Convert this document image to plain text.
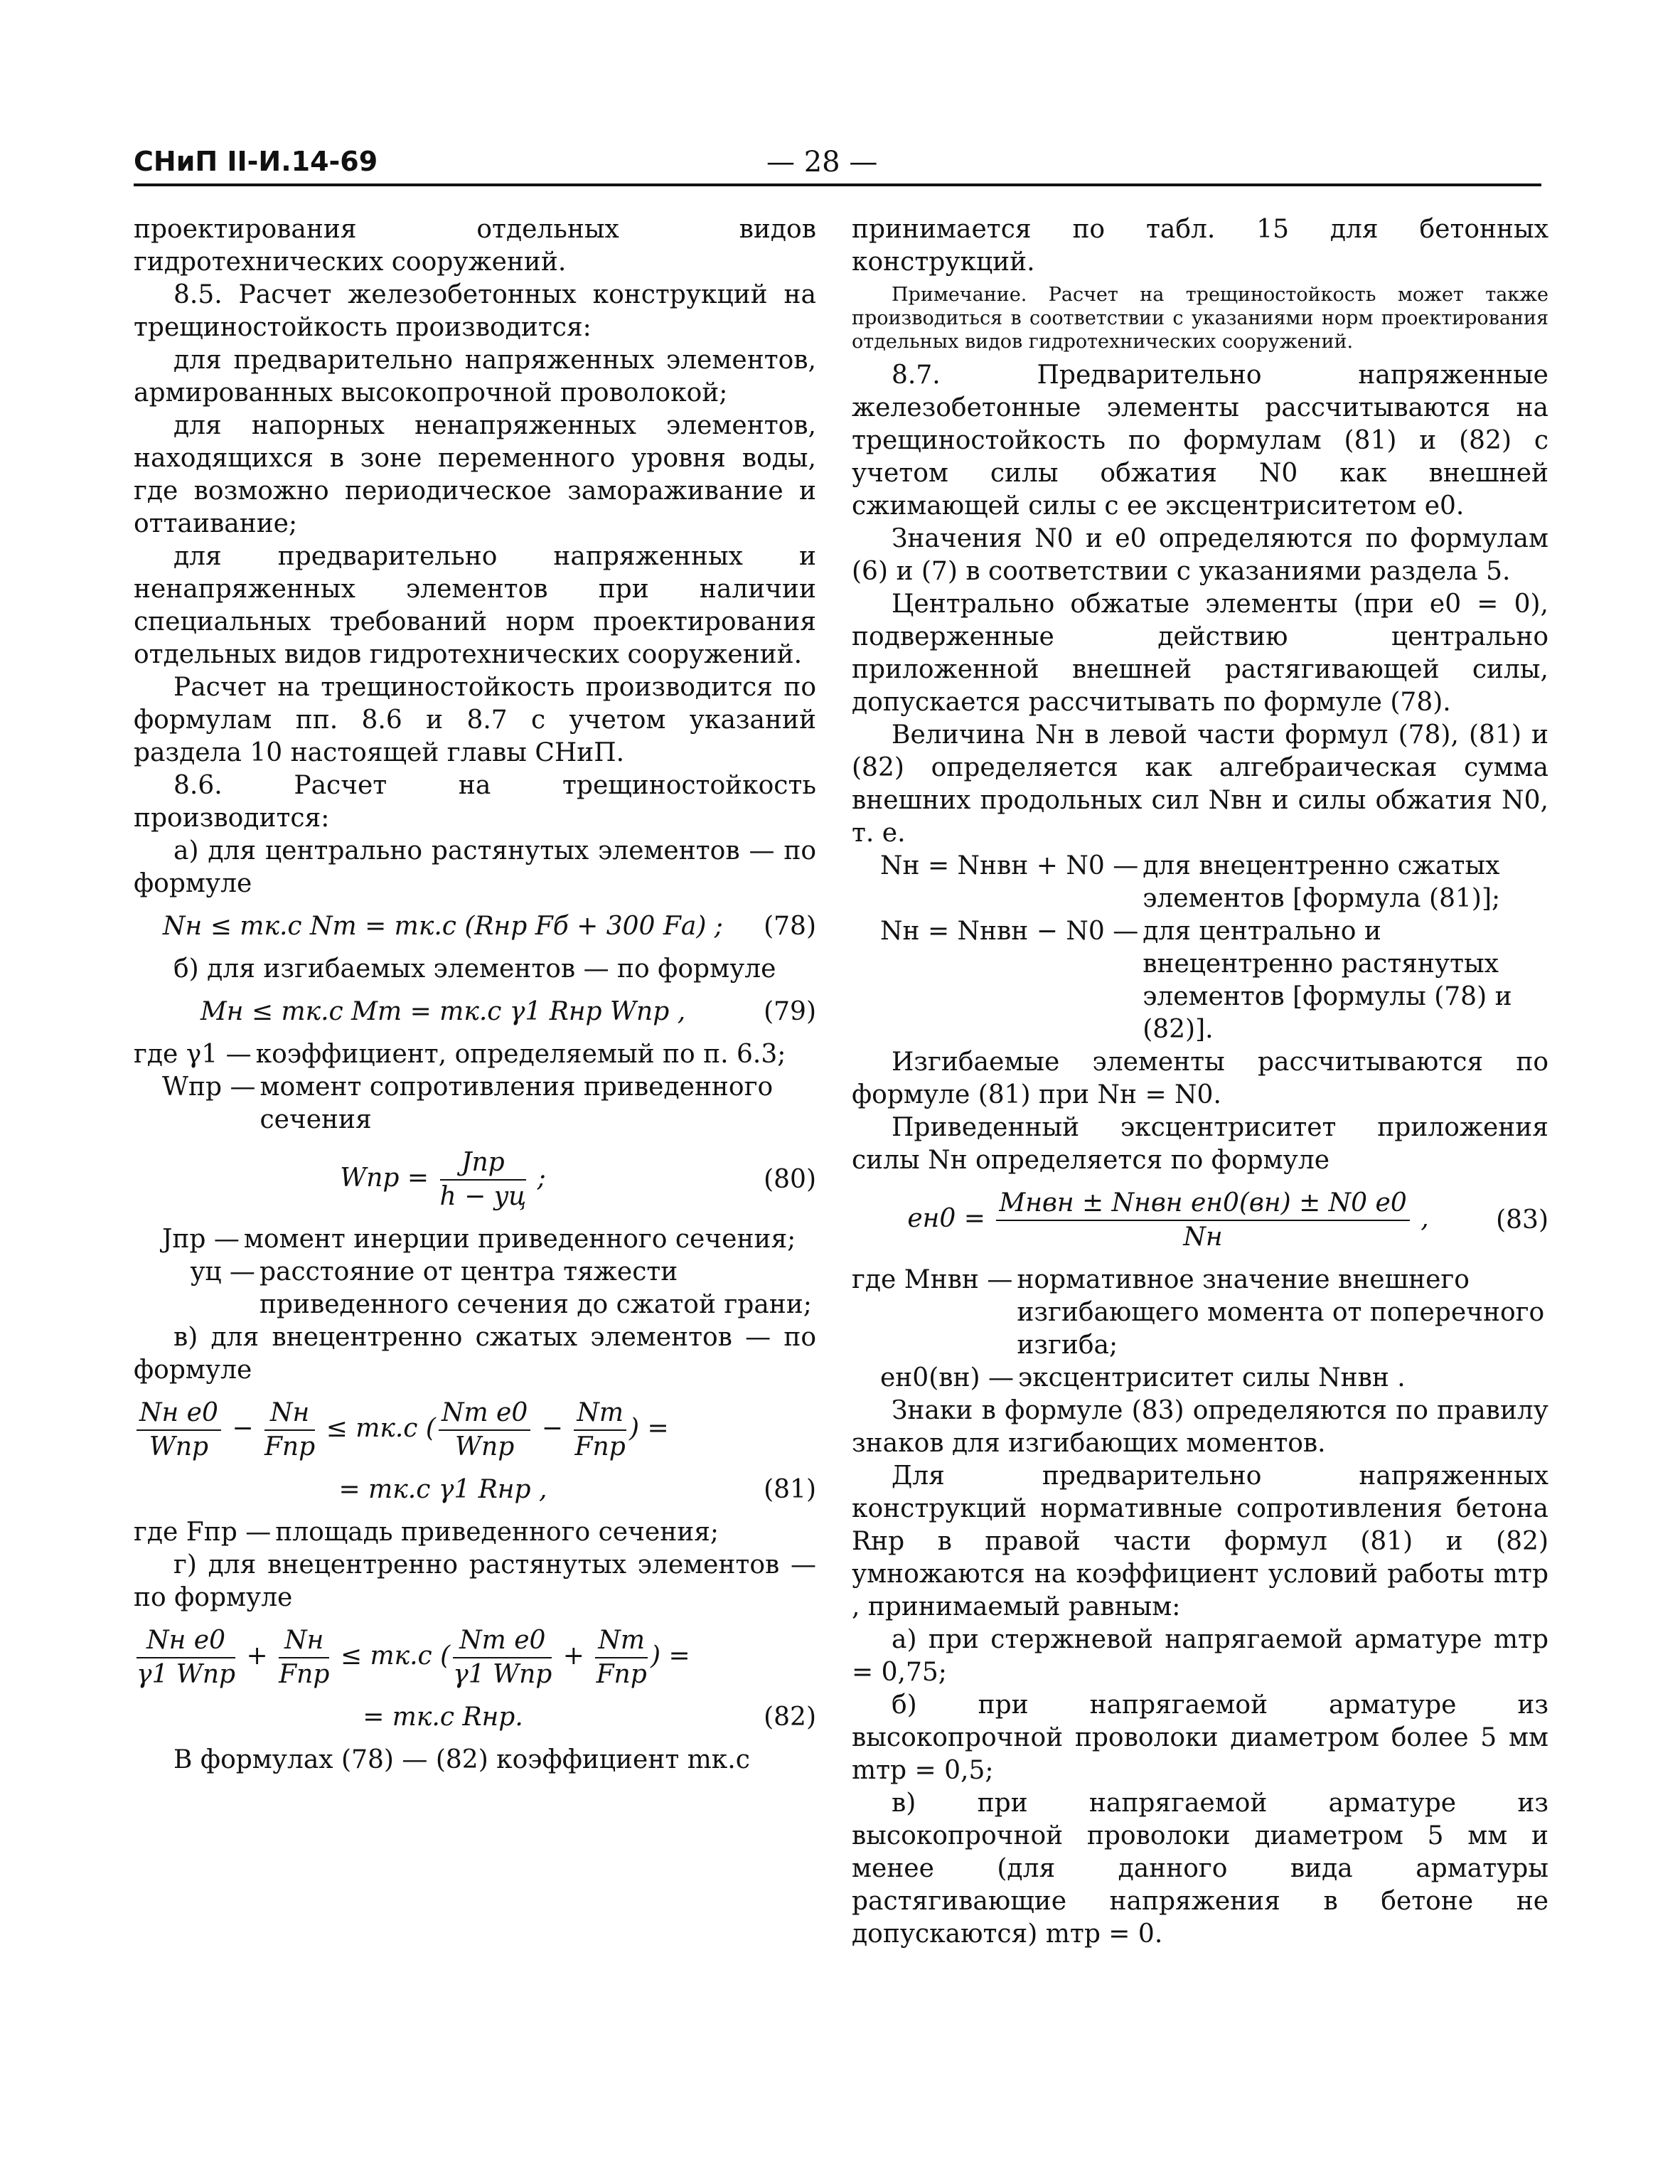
СНиП II-И.14-69	— 28 —

проектирования отдельных видов гидротехнических сооружений.

8.5. Расчет железобетонных конструкций на трещиностойкость производится:

для предварительно напряженных элементов, армированных высокопрочной проволокой;

для напорных ненапряженных элементов, находящихся в зоне переменного уровня воды, где возможно периодическое замораживание и оттаивание;

для предварительно напряженных и ненапряженных элементов при наличии специальных требований норм проектирования отдельных видов гидротехнических сооружений.

Расчет на трещиностойкость производится по формулам пп. 8.6 и 8.7 с учетом указаний раздела 10 настоящей главы СНиП.

8.6. Расчет на трещиностойкость производится:

а) для центрально растянутых элементов — по формуле

Nн ≤ mк.с Nт = mк.с (Rнр Fб + 300 Fа) ;	(78)

б) для изгибаемых элементов — по формуле

Mн ≤ mк.с Mт = mк.с γ1 Rнр Wпр ,	(79)
где γ1 — коэффициент, определяемый по п. 6.3;
Wпр — момент сопротивления приведенного сечения
Wпр = $\frac{\text{Jпр}}{h - yц}$ ;	(80)
Jпр — момент инерции приведенного сечения;
yц — расстояние от центра тяжести приведенного сечения до сжатой грани;

в) для внецентренно сжатых элементов — по формуле

$\frac{\text{Nн e0}}{\text{Wпр}} - \frac{Nн}{\text{Fпр}} \le mк.с$ ( $\frac{\text{Nт e0}}{\text{Wпр}} - \frac{Nт}{\text{Fпр}}$ ) =
= mк.с γ1 Rнр ,	(81)
где Fпр — площадь приведенного сечения;

г) для внецентренно растянутых элементов — по формуле

$\frac{\text{Nн e0}}{\text{γ1 Wпр}} + \frac{Nн}{\text{Fпр}} \le mк.с$ ( $\frac{\text{Nт e0}}{\text{γ1 Wпр}} + \frac{Nт}{\text{Fпр}}$ ) =
= mк.с Rнр.	(82)

В формулах (78) — (82) коэффициент mк.с

принимается по табл. 15 для бетонных конструкций.

Примечание. Расчет на трещиностойкость может также производиться в соответствии с указаниями норм проектирования отдельных видов гидротехнических сооружений.

8.7. Предварительно напряженные железобетонные элементы рассчитываются на трещиностойкость по формулам (81) и (82) с учетом силы обжатия N0 как внешней сжимающей силы с ее эксцентриситетом e0.

Значения N0 и e0 определяются по формулам (6) и (7) в соответствии с указаниями раздела 5.

Центрально обжатые элементы (при e0 = 0), подверженные действию центрально приложенной внешней растягивающей силы, допускается рассчитывать по формуле (78).

Величина Nн в левой части формул (78), (81) и (82) определяется как алгебраическая сумма внешних продольных сил Nвн и силы обжатия N0, т. е.

Nн = Nнвн + N0 — для внецентренно сжатых элементов [формула (81)];
Nн = Nнвн − N0 — для центрально и внецентренно растянутых элементов [формулы (78) и (82)].

Изгибаемые элементы рассчитываются по формуле (81) при Nн = N0.

Приведенный эксцентриситет приложения силы Nн определяется по формуле

$eн0 = \frac{\text{Mнвн ± Nнвн eн0(вн) ± N0 e0}}{Nн}$ ,	(83)
где Mнвн — нормативное значение внешнего изгибающего момента от поперечного изгиба;
eн0(вн) — эксцентриситет силы Nнвн .

Знаки в формуле (83) определяются по правилу знаков для изгибающих моментов.

Для предварительно напряженных конструкций нормативные сопротивления бетона Rнр в правой части формул (81) и (82) умножаются на коэффициент условий работы mтр , принимаемый равным:

а) при стержневой напрягаемой арматуре mтр = 0,75;

б) при напрягаемой арматуре из высокопрочной проволоки диаметром более 5 мм mтр = 0,5;

в) при напрягаемой арматуре из высокопрочной проволоки диаметром 5 мм и менее (для данного вида арматуры растягивающие напряжения в бетоне не допускаются) mтр = 0.
